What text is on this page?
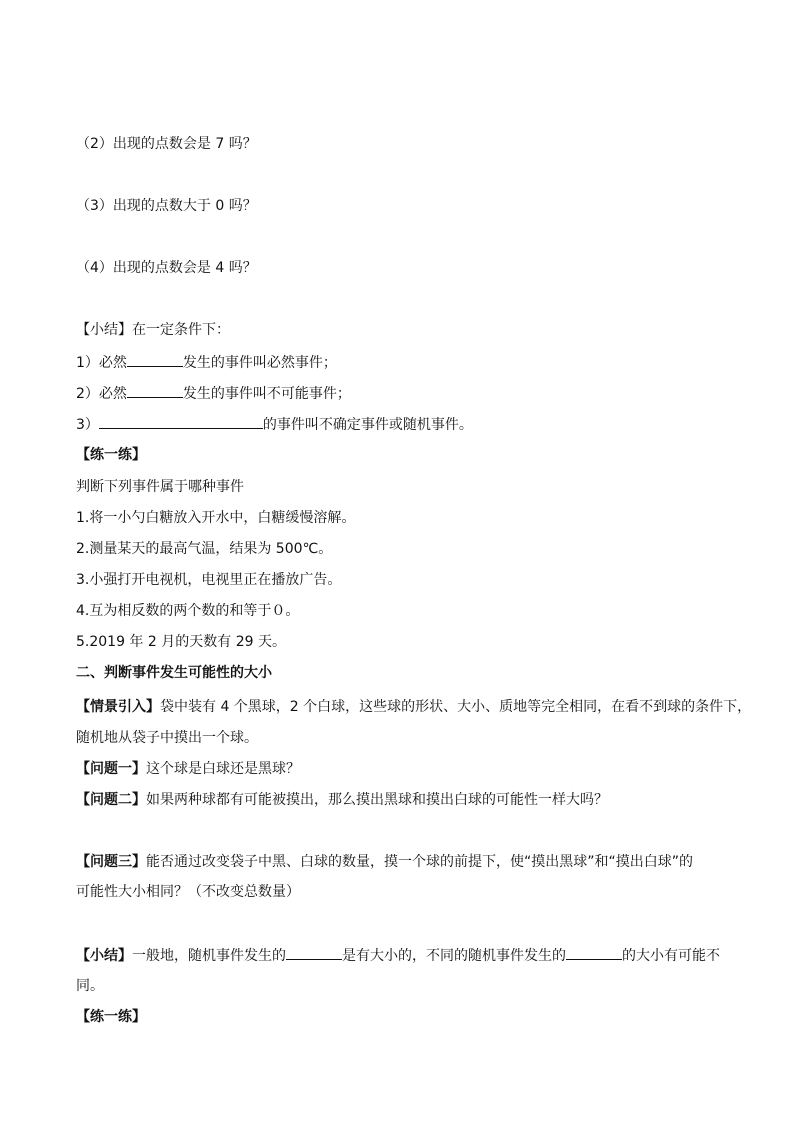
（2）出现的点数会是 7 吗？
（3）出现的点数大于 0 吗？
（4）出现的点数会是 4 吗？
【小结】在一定条件下：
1）必然	发生的事件叫必然事件；
2）必然	发生的事件叫不可能事件；
3）	的事件叫不确定事件或随机事件。
【练一练】
判断下列事件属于哪种事件
1.将一小勺白糖放入开水中，白糖缓慢溶解。
2.测量某天的最高气温，结果为 500℃。
3.小强打开电视机，电视里正在播放广告。
4.互为相反数的两个数的和等于０。
5.2019 年 2 月的天数有 29 天。
二、判断事件发生可能性的大小
【情景引入】袋中装有 4 个黑球，2 个白球，这些球的形状、大小、质地等完全相同，在看不到球的条件下，
随机地从袋子中摸出一个球。
【问题一】这个球是白球还是黑球？
【问题二】如果两种球都有可能被摸出，那么摸出黑球和摸出白球的可能性一样大吗？
【问题三】能否通过改变袋子中黑、白球的数量，摸一个球的前提下，使“摸出黑球”和“摸出白球”的
可能性大小相同？（不改变总数量）
【小结】一般地，随机事件发生的	是有大小的，不同的随机事件发生的	的大小有可能不
同。
【练一练】
